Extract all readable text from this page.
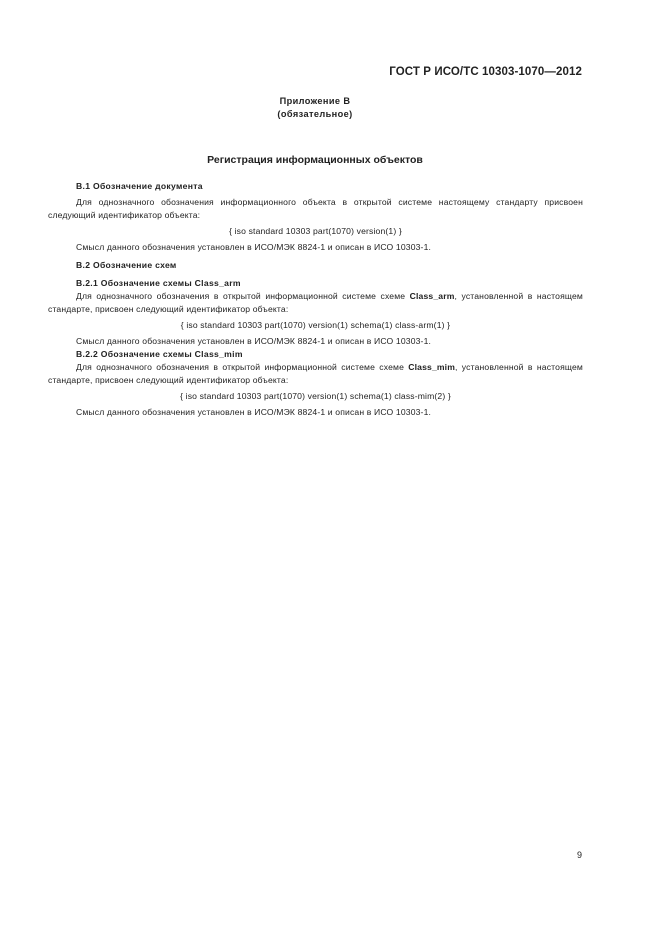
ГОСТ Р ИСО/ТС 10303-1070—2012
Приложение В
(обязательное)
Регистрация информационных объектов
В.1 Обозначение документа
Для однозначного обозначения информационного объекта в открытой системе настоящему стандарту присвоен следующий идентификатор объекта:
{ iso standard 10303 part(1070) version(1) }
Смысл данного обозначения установлен в ИСО/МЭК 8824-1 и описан в ИСО 10303-1.
В.2 Обозначение схем
В.2.1 Обозначение схемы Class_arm
Для однозначного обозначения в открытой информационной системе схеме Class_arm, установленной в настоящем стандарте, присвоен следующий идентификатор объекта:
{ iso standard 10303 part(1070) version(1) schema(1) class-arm(1) }
Смысл данного обозначения установлен в ИСО/МЭК 8824-1 и описан в ИСО 10303-1.
В.2.2 Обозначение схемы Class_mim
Для однозначного обозначения в открытой информационной системе схеме Class_mim, установленной в настоящем стандарте, присвоен следующий идентификатор объекта:
{ iso standard 10303 part(1070) version(1) schema(1) class-mim(2) }
Смысл данного обозначения установлен в ИСО/МЭК 8824-1 и описан в ИСО 10303-1.
9
